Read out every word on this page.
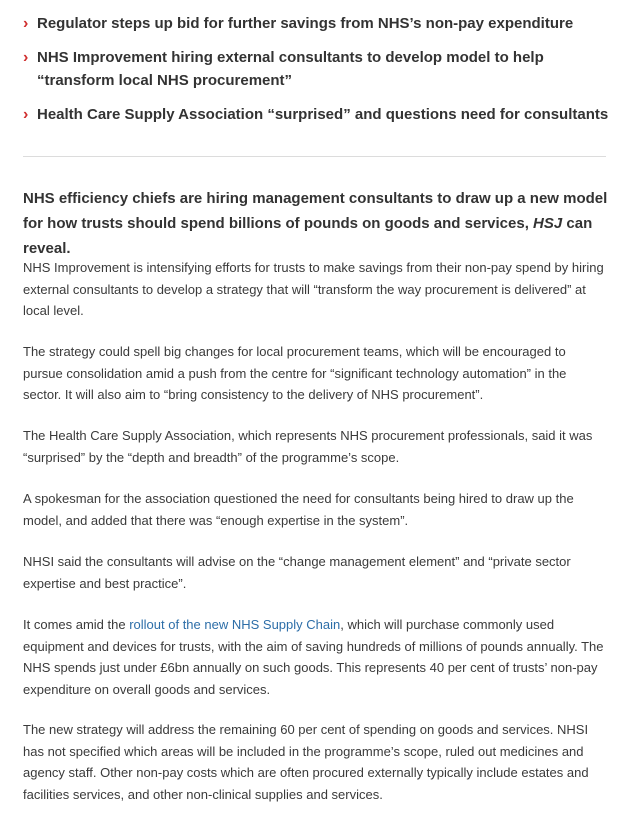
› Regulator steps up bid for further savings from NHS’s non-pay expenditure
› NHS Improvement hiring external consultants to develop model to help “transform local NHS procurement”
› Health Care Supply Association “surprised” and questions need for consultants

NHS efficiency chiefs are hiring management consultants to draw up a new model for how trusts should spend billions of pounds on goods and services, HSJ can reveal.

NHS Improvement is intensifying efforts for trusts to make savings from their non-pay spend by hiring external consultants to develop a strategy that will “transform the way procurement is delivered” at local level.

The strategy could spell big changes for local procurement teams, which will be encouraged to pursue consolidation amid a push from the centre for “significant technology automation” in the sector. It will also aim to “bring consistency to the delivery of NHS procurement”.

The Health Care Supply Association, which represents NHS procurement professionals, said it was “surprised” by the “depth and breadth” of the programme’s scope.

A spokesman for the association questioned the need for consultants being hired to draw up the model, and added that there was “enough expertise in the system”.

NHSI said the consultants will advise on the “change management element” and “private sector expertise and best practice”.

It comes amid the rollout of the new NHS Supply Chain, which will purchase commonly used equipment and devices for trusts, with the aim of saving hundreds of millions of pounds annually. The NHS spends just under £6bn annually on such goods. This represents 40 per cent of trusts’ non-pay expenditure on overall goods and services.

The new strategy will address the remaining 60 per cent of spending on goods and services. NHSI has not specified which areas will be included in the programme’s scope, ruled out medicines and agency staff. Other non-pay costs which are often procured externally typically include estates and facilities services, and other non-clinical supplies and services.
